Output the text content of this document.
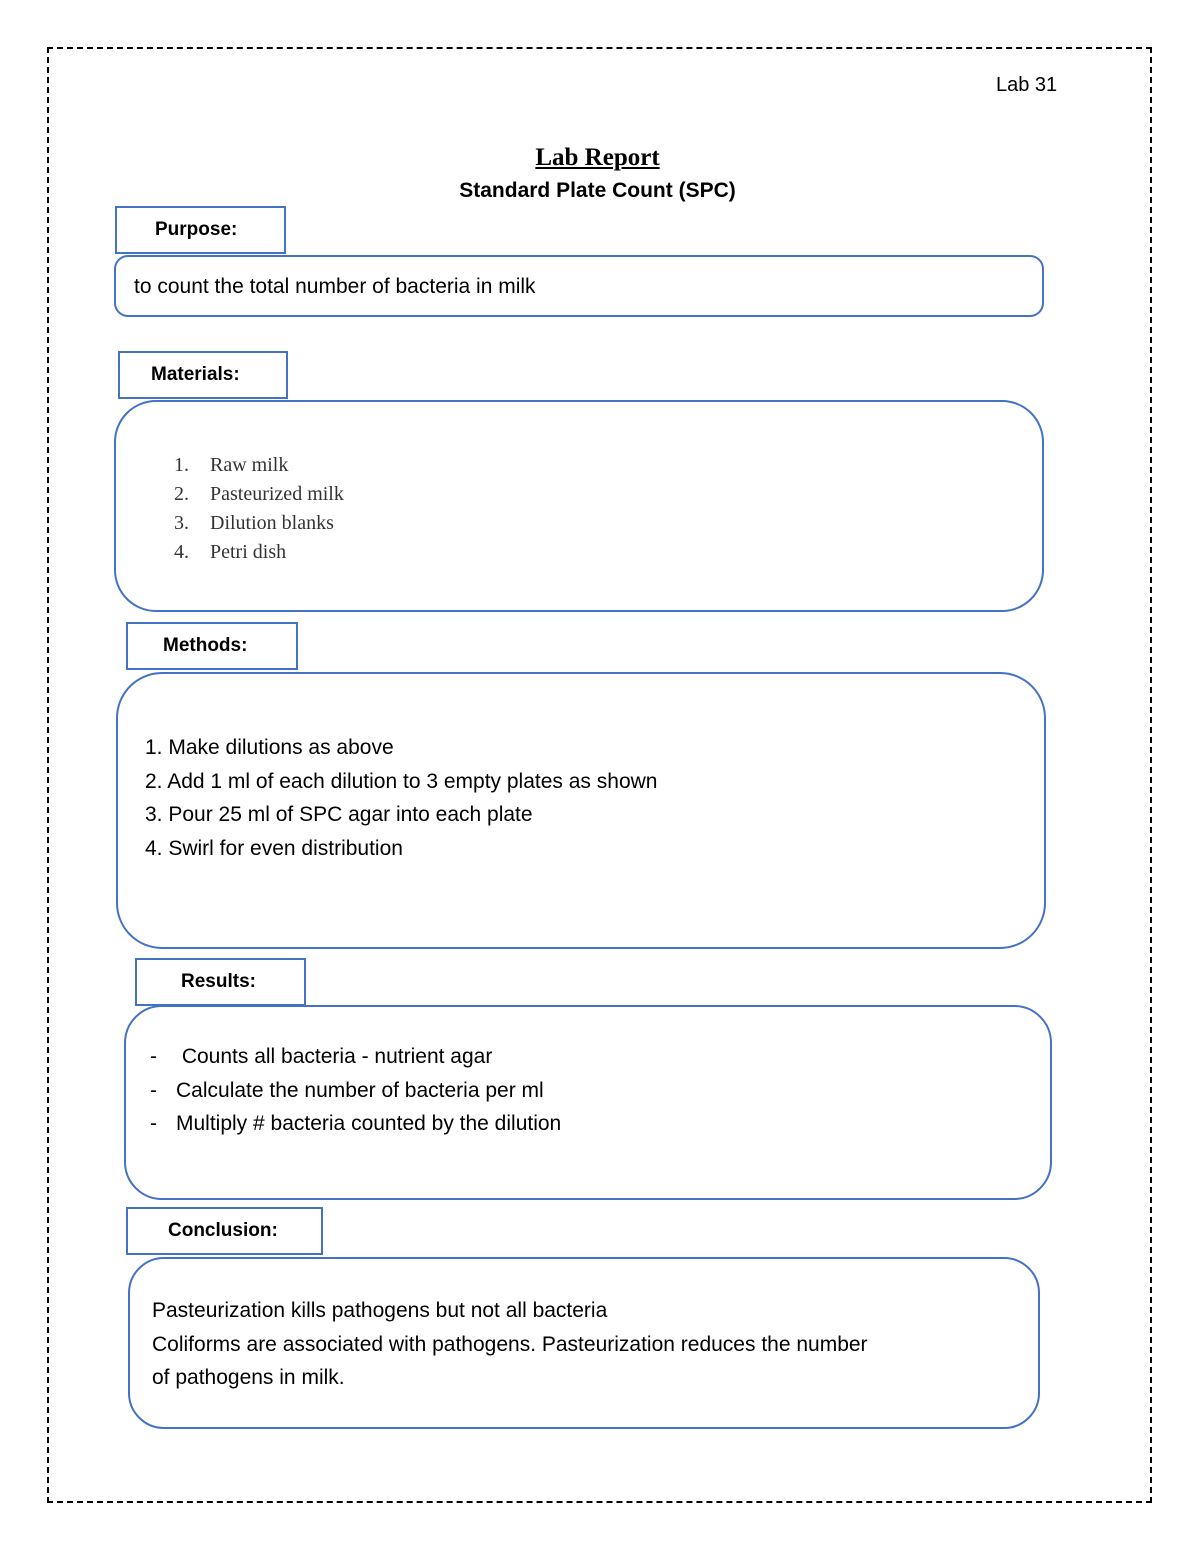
Lab 31
Lab Report
Standard Plate Count (SPC)
Purpose:
to count the total number of bacteria in milk
Materials:
1.	Raw milk
2.	Pasteurized milk
3.	Dilution blanks
4.	Petri dish
Methods:
1. Make dilutions as above
2. Add 1 ml of each dilution to 3 empty plates as shown
3. Pour 25 ml of SPC agar into each plate
4. Swirl for even distribution
Results:
- Counts all bacteria - nutrient agar
- Calculate the number of bacteria per ml
- Multiply # bacteria counted by the dilution
Conclusion:
Pasteurization kills pathogens but not all bacteria
Coliforms are associated with pathogens. Pasteurization reduces the number
of pathogens in milk.
